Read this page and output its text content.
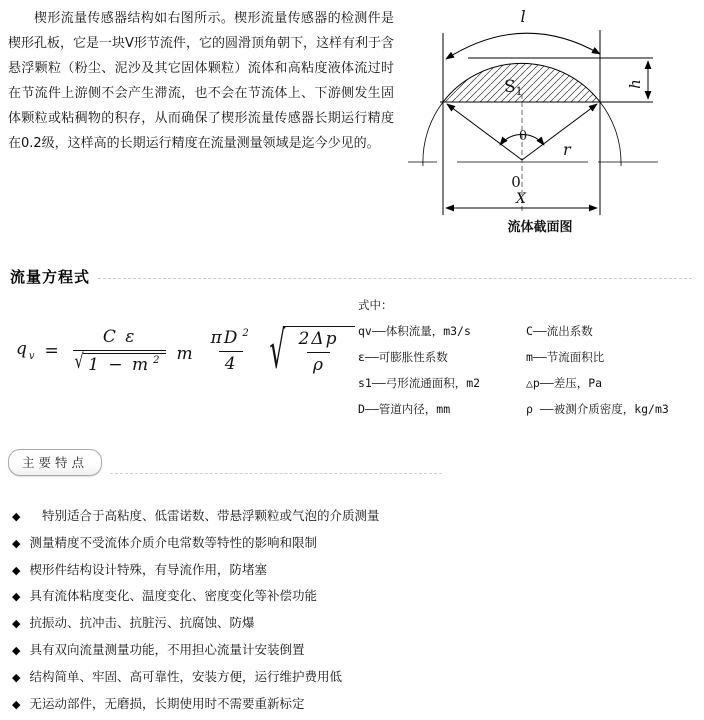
楔形流量传感器结构如右图所示。楔形流量传感器的检测件是楔形孔板，它是一块V形节流件，它的圆滑顶角朝下，这样有利于含悬浮颗粒（粉尘、泥沙及其它固体颗粒）流体和高粘度液体流过时在节流件上游侧不会产生滞流，也不会在节流体上、下游侧发生固体颗粒或粘稠物的积存，从而确保了楔形流量传感器长期运行精度在0.2级，这样高的长期运行精度在流量测量领域是迄今少见的。

l
S1
h
θ
r
0
X
流体截面图
流量方程式
q $_v = \frac{\text{C ε}}{√ 1 - m ^2}$ m $\frac{\pi D ^2}{4}$ √ $\frac{2\Delta p}{\rho}$
式中：
qv——体积流量，m3/s	C——流出系数
ε——可膨胀性系数	m——节流面积比
s1——弓形流通面积，m2	△p——差压，Pa
D——管道内径，mm	ρ ——被测介质密度，kg/m3
主要特点
◆ 　特别适合于高粘度、低雷诺数、带悬浮颗粒或气泡的介质测量
◆ 测量精度不受流体介质介电常数等特性的影响和限制
◆ 楔形件结构设计特殊，有导流作用，防堵塞
◆ 具有流体粘度变化、温度变化、密度变化等补偿功能
◆ 抗振动、抗冲击、抗脏污、抗腐蚀、防爆
◆ 具有双向流量测量功能，不用担心流量计安装倒置
◆ 结构简单、牢固、高可靠性，安装方便，运行维护费用低
◆ 无运动部件，无磨损，长期使用时不需要重新标定
